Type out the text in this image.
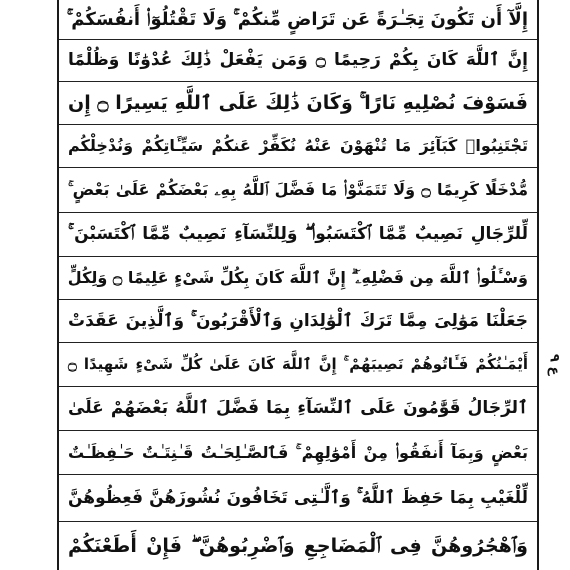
إِلَّآ أَن تَكُونَ تِجَـٰرَةً عَن تَرَاضٍ مِّنكُمْ ۚ وَلَا تَقْتُلُوٓا۟ أَنفُسَكُمْ ۚ
إِنَّ ٱللَّهَ كَانَ بِكُمْ رَحِيمًا ۝ وَمَن يَفْعَلْ ذَٰلِكَ عُدْوَٰنًا وَظُلْمًا
فَسَوْفَ نُصْلِيهِ نَارًا ۚ وَكَانَ ذَٰلِكَ عَلَى ٱللَّهِ يَسِيرًا ۝ إِن
تَجْتَنِبُوا۟ كَبَآئِرَ مَا تُنْهَوْنَ عَنْهُ نُكَفِّرْ عَنكُمْ سَيِّـَٔاتِكُمْ وَنُدْخِلْكُم
مُّدْخَلًا كَرِيمًا ۝ وَلَا تَتَمَنَّوْا۟ مَا فَضَّلَ ٱللَّهُ بِهِۦ بَعْضَكُمْ عَلَىٰ بَعْضٍ ۚ
لِّلرِّجَالِ نَصِيبٌ مِّمَّا ٱكْتَسَبُوا۟ ۖ وَلِلنِّسَآءِ نَصِيبٌ مِّمَّا ٱكْتَسَبْنَ ۚ
وَسْـَٔلُوا۟ ٱللَّهَ مِن فَضْلِهِۦٓ ۗ إِنَّ ٱللَّهَ كَانَ بِكُلِّ شَىْءٍ عَلِيمًا ۝ وَلِكُلٍّ
جَعَلْنَا مَوَٰلِىَ مِمَّا تَرَكَ ٱلْوَٰلِدَانِ وَٱلْأَقْرَبُونَ ۚ وَٱلَّذِينَ عَقَدَتْ
أَيْمَـٰنُكُمْ فَـَٔاتُوهُمْ نَصِيبَهُمْ ۚ إِنَّ ٱللَّهَ كَانَ عَلَىٰ كُلِّ شَىْءٍ شَهِيدًا ۝
ٱلرِّجَالُ قَوَّٰمُونَ عَلَى ٱلنِّسَآءِ بِمَا فَضَّلَ ٱللَّهُ بَعْضَهُمْ عَلَىٰ
بَعْضٍ وَبِمَآ أَنفَقُوا۟ مِنْ أَمْوَٰلِهِمْ ۚ فَٱلصَّـٰلِحَـٰتُ قَـٰنِتَـٰتٌ حَـٰفِظَـٰتٌ
لِّلْغَيْبِ بِمَا حَفِظَ ٱللَّهُ ۚ وَٱلَّـٰتِى تَخَافُونَ نُشُوزَهُنَّ فَعِظُوهُنَّ
وَٱهْجُرُوهُنَّ فِى ٱلْمَضَاجِعِ وَٱضْرِبُوهُنَّ ۖ فَإِنْ أَطَعْنَكُمْ
ع ٩
